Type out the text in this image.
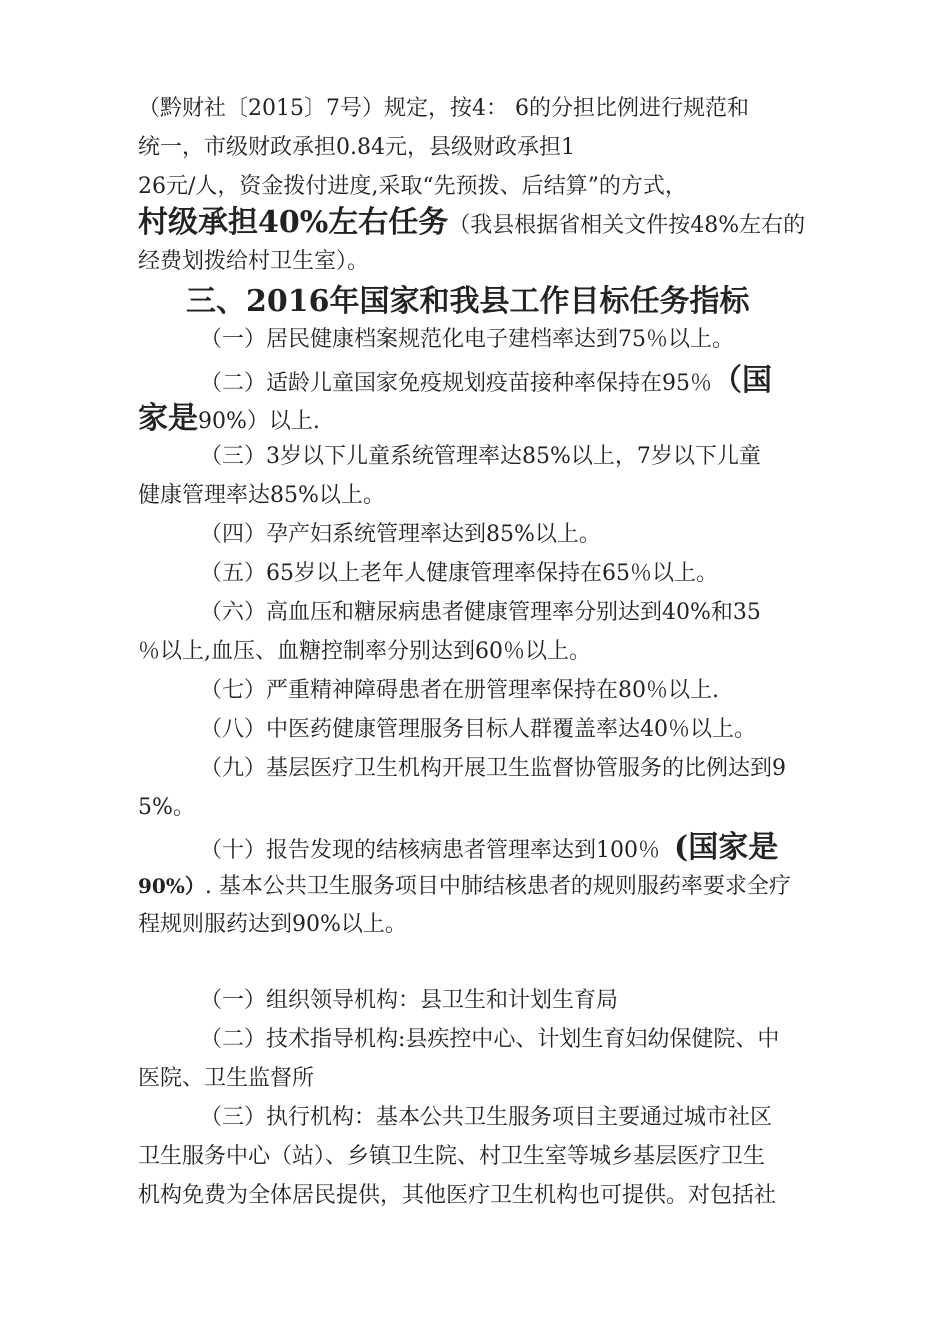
（黔财社〔2015〕7号）规定，按4： 6的分担比例进行规范和
统一，市级财政承担0.84元，县级财政承担1
26元/人，资金拨付进度,采取“先预拨、后结算”的方式，
村级承担40%左右任务（我县根据省相关文件按48%左右的
经费划拨给村卫生室）。
三、2016年国家和我县工作目标任务指标
（一）居民健康档案规范化电子建档率达到75％以上。
（二）适龄儿童国家免疫规划疫苗接种率保持在95％（国
家是90%）以上.
（三）3岁以下儿童系统管理率达85%以上，7岁以下儿童
健康管理率达85%以上。
（四）孕产妇系统管理率达到85%以上。
（五）65岁以上老年人健康管理率保持在65％以上。
（六）高血压和糖尿病患者健康管理率分别达到40%和35
％以上,血压、血糖控制率分别达到60％以上。
（七）严重精神障碍患者在册管理率保持在80％以上.
（八）中医药健康管理服务目标人群覆盖率达40％以上。
（九）基层医疗卫生机构开展卫生监督协管服务的比例达到9
5%。
（十）报告发现的结核病患者管理率达到100％ (国家是
90%）. 基本公共卫生服务项目中肺结核患者的规则服药率要求全疗
程规则服药达到90%以上。
（一）组织领导机构：县卫生和计划生育局
（二）技术指导机构:县疾控中心、计划生育妇幼保健院、中
医院、卫生监督所
（三）执行机构：基本公共卫生服务项目主要通过城市社区
卫生服务中心（站）、乡镇卫生院、村卫生室等城乡基层医疗卫生
机构免费为全体居民提供，其他医疗卫生机构也可提供。对包括社
